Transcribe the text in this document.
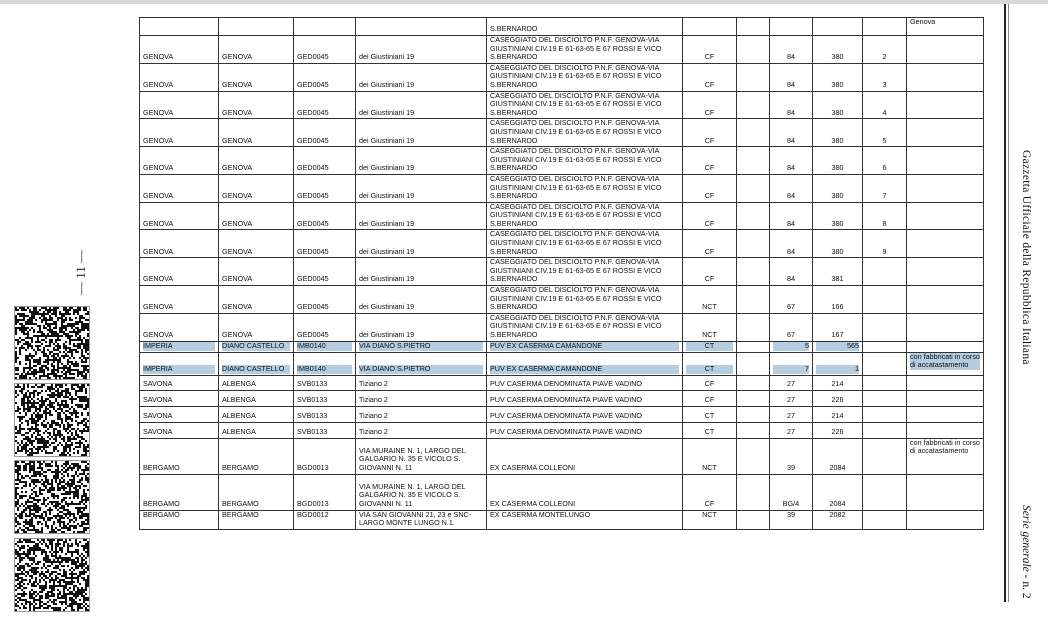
— 11 —
				S.BERNARDO						Genova
GENOVA	GENOVA	GED0045	dei Giustiniani 19	CASEGGIATO DEL DISCIOLTO P.N.F. GENOVA-VIA GIUSTINIANI CIV.19 E 61-63-65 E 67 ROSSI E VICO S.BERNARDO	CF		84	380	2	
GENOVA	GENOVA	GED0045	dei Giustiniani 19	CASEGGIATO DEL DISCIOLTO P.N.F. GENOVA-VIA GIUSTINIANI CIV.19 E 61-63-65 E 67 ROSSI E VICO S.BERNARDO	CF		84	380	3	
GENOVA	GENOVA	GED0045	dei Giustiniani 19	CASEGGIATO DEL DISCIOLTO P.N.F. GENOVA-VIA GIUSTINIANI CIV.19 E 61-63-65 E 67 ROSSI E VICO S.BERNARDO	CF		84	380	4	
GENOVA	GENOVA	GED0045	dei Giustiniani 19	CASEGGIATO DEL DISCIOLTO P.N.F. GENOVA-VIA GIUSTINIANI CIV.19 E 61-63-65 E 67 ROSSI E VICO S.BERNARDO	CF		84	380	5	
GENOVA	GENOVA	GED0045	dei Giustiniani 19	CASEGGIATO DEL DISCIOLTO P.N.F. GENOVA-VIA GIUSTINIANI CIV.19 E 61-63-65 E 67 ROSSI E VICO S.BERNARDO	CF		84	380	6	
GENOVA	GENOVA	GED0045	dei Giustiniani 19	CASEGGIATO DEL DISCIOLTO P.N.F. GENOVA-VIA GIUSTINIANI CIV.19 E 61-63-65 E 67 ROSSI E VICO S.BERNARDO	CF		84	380	7	
GENOVA	GENOVA	GED0045	dei Giustiniani 19	CASEGGIATO DEL DISCIOLTO P.N.F. GENOVA-VIA GIUSTINIANI CIV.19 E 61-63-65 E 67 ROSSI E VICO S.BERNARDO	CF		84	380	8	
GENOVA	GENOVA	GED0045	dei Giustiniani 19	CASEGGIATO DEL DISCIOLTO P.N.F. GENOVA-VIA GIUSTINIANI CIV.19 E 61-63-65 E 67 ROSSI E VICO S.BERNARDO	CF		84	380	9	
GENOVA	GENOVA	GED0045	dei Giustiniani 19	CASEGGIATO DEL DISCIOLTO P.N.F. GENOVA-VIA GIUSTINIANI CIV.19 E 61-63-65 E 67 ROSSI E VICO S.BERNARDO	CF		84	381		
GENOVA	GENOVA	GED0045	dei Giustiniani 19	CASEGGIATO DEL DISCIOLTO P.N.F. GENOVA-VIA GIUSTINIANI CIV.19 E 61-63-65 E 67 ROSSI E VICO S.BERNARDO	NCT		67	166		
GENOVA	GENOVA	GED0045	dei Giustiniani 19	CASEGGIATO DEL DISCIOLTO P.N.F. GENOVA-VIA GIUSTINIANI CIV.19 E 61-63-65 E 67 ROSSI E VICO S.BERNARDO	NCT		67	167		
IMPERIA	DIANO CASTELLO	IMB0140	VIA DIANO S.PIETRO	PUV EX CASERMA CAMANDONE	CT		5	565		
IMPERIA	DIANO CASTELLO	IMB0140	VIA DIANO S.PIETRO	PUV EX CASERMA CAMANDONE	CT		7	1		con fabbricati in corso di accatastamento
SAVONA	ALBENGA	SVB0133	Tiziano 2	PUV CASERMA DENOMINATA PIAVE VADINO	CF		27	214		
SAVONA	ALBENGA	SVB0133	Tiziano 2	PUV CASERMA DENOMINATA PIAVE VADINO	CF		27	226		
SAVONA	ALBENGA	SVB0133	Tiziano 2	PUV CASERMA DENOMINATA PIAVE VADINO	CT		27	214		
SAVONA	ALBENGA	SVB0133	Tiziano 2	PUV CASERMA DENOMINATA PIAVE VADINO	CT		27	226		
BERGAMO	BERGAMO	BGD0013	VIA MURAINE N. 1, LARGO DEL GALGARIO N. 35 E VICOLO S. GIOVANNI N. 11	EX CASERMA COLLEONI	NCT		39	2084		con fabbricati in corso di accatastamento
BERGAMO	BERGAMO	BGD0013	VIA MURAINE N. 1, LARGO DEL GALGARIO N. 35 E VICOLO S. GIOVANNI N. 11	EX CASERMA COLLEONI	CF		BG/4	2084		
BERGAMO	BERGAMO	BGD0012	VIA SAN GIOVANNI 21, 23 e SNC-LARGO MONTE LUNGO N.1.	EX CASERMA MONTELUNGO	NCT		39	2082		
Gazzetta Ufficiale della Repubblica Italiana
Serie generale - n. 2
